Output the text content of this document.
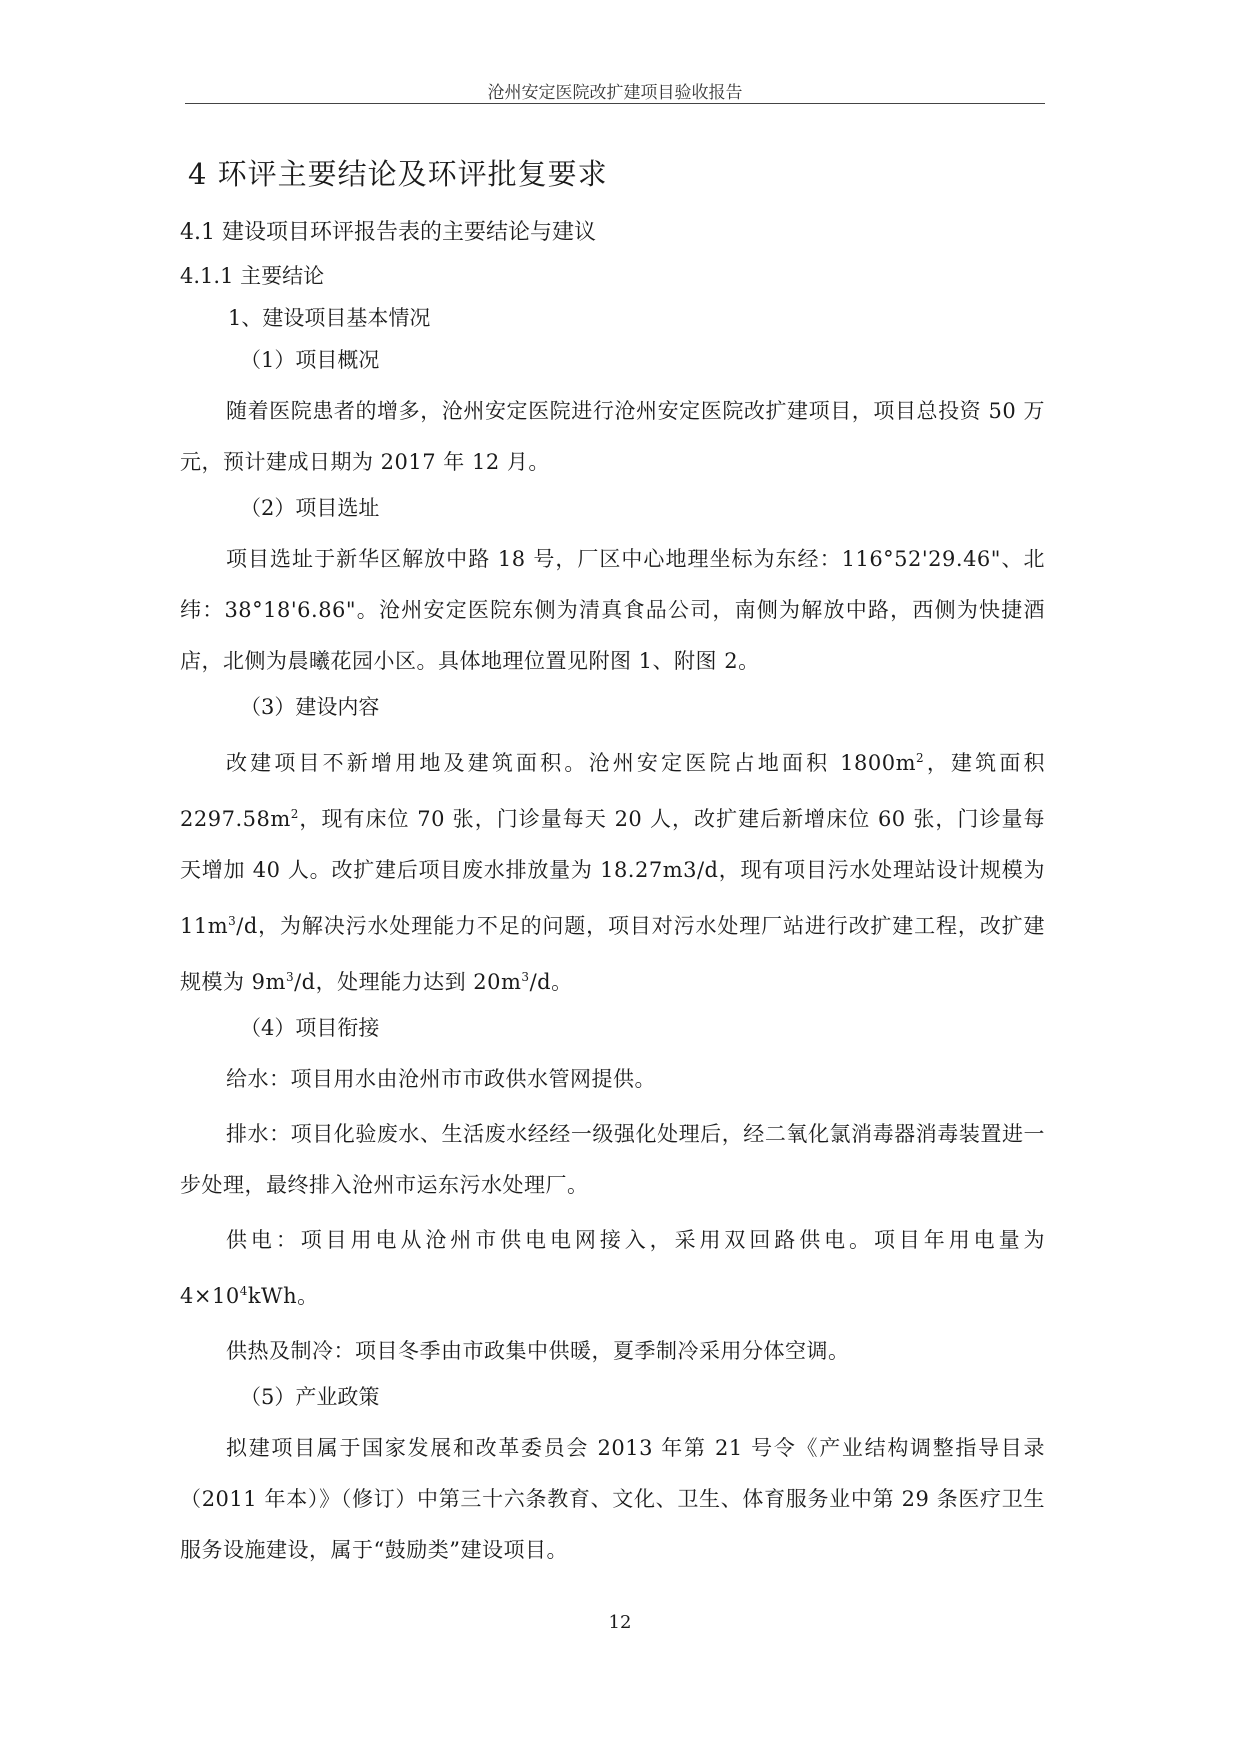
沧州安定医院改扩建项目验收报告
4 环评主要结论及环评批复要求
4.1 建设项目环评报告表的主要结论与建议
4.1.1 主要结论
1、建设项目基本情况
（1）项目概况

随着医院患者的增多，沧州安定医院进行沧州安定医院改扩建项目，项目总投资 50 万元，预计建成日期为 2017 年 12 月。

（2）项目选址

项目选址于新华区解放中路 18 号，厂区中心地理坐标为东经：116°52'29.46"、北纬：38°18'6.86"。沧州安定医院东侧为清真食品公司，南侧为解放中路，西侧为快捷酒店，北侧为晨曦花园小区。具体地理位置见附图 1、附图 2。

（3）建设内容

改建项目不新增用地及建筑面积。沧州安定医院占地面积 $1800m^2$，建筑面积 $2297.58m^2$，现有床位 70 张，门诊量每天 20 人，改扩建后新增床位 60 张，门诊量每天增加 40 人。改扩建后项目废水排放量为 18.27m3/d，现有项目污水处理站设计规模为 $11m^3/d$，为解决污水处理能力不足的问题，项目对污水处理厂站进行改扩建工程，改扩建规模为 $9m^3/d$，处理能力达到 $20m^3/d$。

（4）项目衔接

给水：项目用水由沧州市市政供水管网提供。

排水：项目化验废水、生活废水经经一级强化处理后，经二氧化氯消毒器消毒装置进一步处理，最终排入沧州市运东污水处理厂。

供电：项目用电从沧州市供电电网接入，采用双回路供电。项目年用电量为 $4\times 10^4kWh$。

供热及制冷：项目冬季由市政集中供暖，夏季制冷采用分体空调。

（5）产业政策

拟建项目属于国家发展和改革委员会 2013 年第 21 号令《产业结构调整指导目录（2011 年本）》（修订）中第三十六条教育、文化、卫生、体育服务业中第 29 条医疗卫生服务设施建设，属于“鼓励类”建设项目。

12
